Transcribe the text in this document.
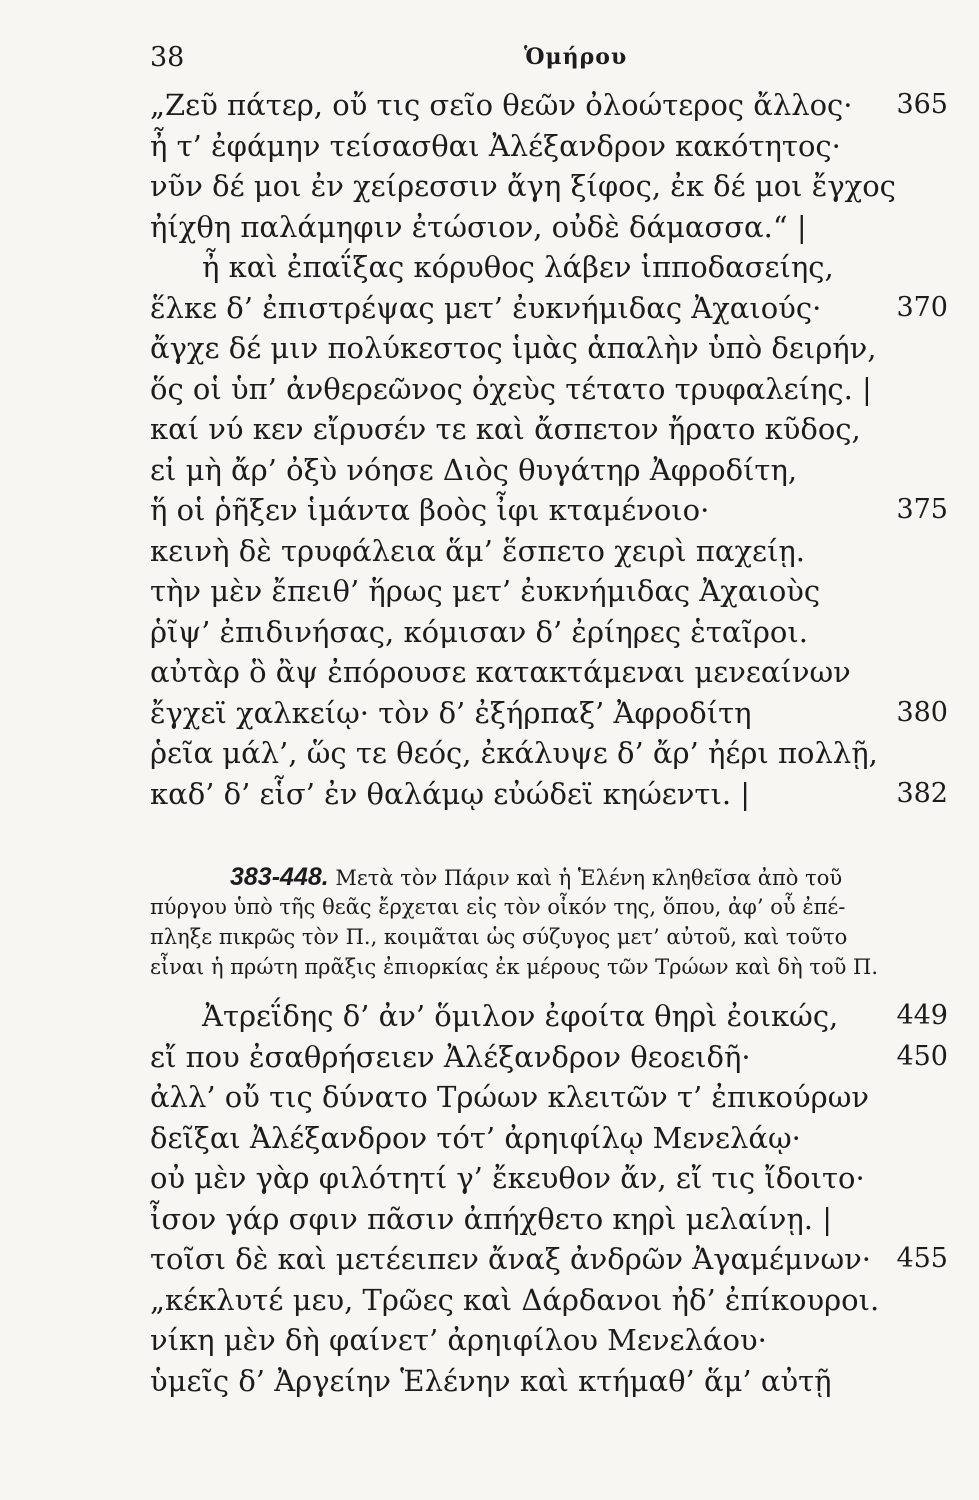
38	Ὁμήρου
„Ζεῦ πάτερ, οὔ τις σεῖο θεῶν ὀλοώτερος ἄλλος· 365
ἦ τ’ ἐφάμην τείσασθαι Ἀλέξανδρον κακότητος·
νῦν δέ μοι ἐν χείρεσσιν ἄγη ξίφος, ἐκ δέ μοι ἔγχος
ἠίχθη παλάμηφιν ἐτώσιον, οὐδὲ δάμασσα.“ |
ἦ καὶ ἐπαΐξας κόρυθος λάβεν ἱπποδασείης,
ἕλκε δ’ ἐπιστρέψας μετ’ ἐυκνήμιδας Ἀχαιούς·	370
ἄγχε δέ μιν πολύκεστος ἱμὰς ἁπαλὴν ὑπὸ δειρήν,
ὅς οἱ ὑπ’ ἀνθερεῶνος ὀχεὺς τέτατο τρυφαλείης. |
καί νύ κεν εἴρυσέν τε καὶ ἄσπετον ἤρατο κῦδος,
εἰ μὴ ἄρ’ ὀξὺ νόησε Διὸς θυγάτηρ Ἀφροδίτη,
ἥ οἱ ῥῆξεν ἱμάντα βοὸς ἶφι κταμένοιο·	375
κεινὴ δὲ τρυφάλεια ἅμ’ ἕσπετο χειρὶ παχείῃ.
τὴν μὲν ἔπειθ’ ἥρως μετ’ ἐυκνήμιδας Ἀχαιοὺς
ῥῖψ’ ἐπιδινήσας, κόμισαν δ’ ἐρίηρες ἑταῖροι.
αὐτὰρ ὃ ἂψ ἐπόρουσε κατακτάμεναι μενεαίνων
ἔγχεϊ χαλκείῳ· τὸν δ’ ἐξήρπαξ’ Ἀφροδίτη	380
ῥεῖα μάλ’, ὥς τε θεός, ἐκάλυψε δ’ ἄρ’ ἠέρι πολλῇ,
καδ’ δ’ εἷσ’ ἐν θαλάμῳ εὐώδεϊ κηώεντι. |	382
383-448. Μετὰ τὸν Πάριν καὶ ἡ Ἑλένη κληθεῖσα ἀπὸ τοῦ
πύργου ὑπὸ τῆς θεᾶς ἔρχεται εἰς τὸν οἶκόν της, ὅπου, ἀφ’ οὗ ἐπέ-
πληξε πικρῶς τὸν Π., κοιμᾶται ὡς σύζυγος μετ’ αὐτοῦ, καὶ τοῦτο
εἶναι ἡ πρώτη πρᾶξις ἐπιορκίας ἐκ μέρους τῶν Τρώων καὶ δὴ τοῦ Π.
Ἀτρεΐδης δ’ ἀν’ ὅμιλον ἐφοίτα θηρὶ ἐοικώς, 449
εἴ που ἐσαθρήσειεν Ἀλέξανδρον θεοειδῆ·	450
ἀλλ’ οὔ τις δύνατο Τρώων κλειτῶν τ’ ἐπικούρων
δεῖξαι Ἀλέξανδρον τότ’ ἀρηιφίλῳ Μενελάῳ·
οὐ μὲν γὰρ φιλότητί γ’ ἔκευθον ἄν, εἴ τις ἴδοιτο·
ἶσον γάρ σφιν πᾶσιν ἀπήχθετο κηρὶ μελαίνῃ. |
τοῖσι δὲ καὶ μετέειπεν ἄναξ ἀνδρῶν Ἀγαμέμνων· 455
„κέκλυτέ μευ, Τρῶες καὶ Δάρδανοι ἠδ’ ἐπίκουροι.
νίκη μὲν δὴ φαίνετ’ ἀρηιφίλου Μενελάου·
ὑμεῖς δ’ Ἀργείην Ἑλένην καὶ κτήμαθ’ ἅμ’ αὐτῇ
